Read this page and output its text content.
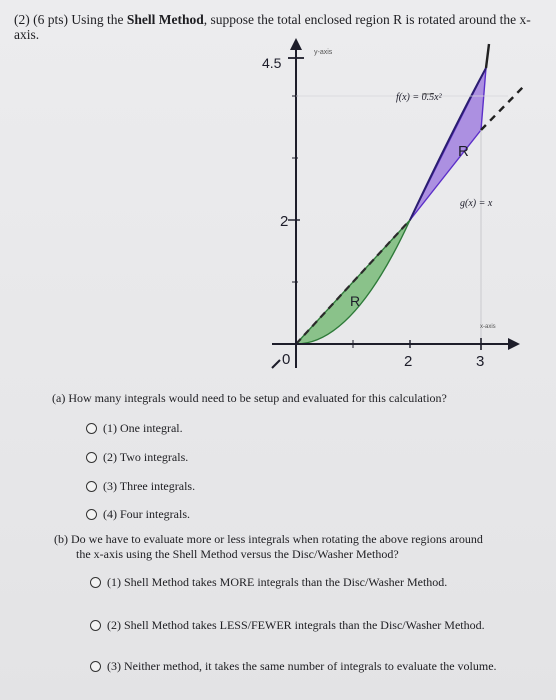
(2) (6 pts) Using the Shell Method, suppose the total enclosed region R is rotated around the x-axis.
y-axis
4.5
2
0	2	3
x-axis
f(x) = 0.5x²
g(x) = x
R
R
(a) How many integrals would need to be setup and evaluated for this calculation?
(1) One integral.
(2) Two integrals.
(3) Three integrals.
(4) Four integrals.
(b) Do we have to evaluate more or less integrals when rotating the above regions around
the x-axis using the Shell Method versus the Disc/Washer Method?
(1) Shell Method takes MORE integrals than the Disc/Washer Method.
(2) Shell Method takes LESS/FEWER integrals than the Disc/Washer Method.
(3) Neither method, it takes the same number of integrals to evaluate the volume.
